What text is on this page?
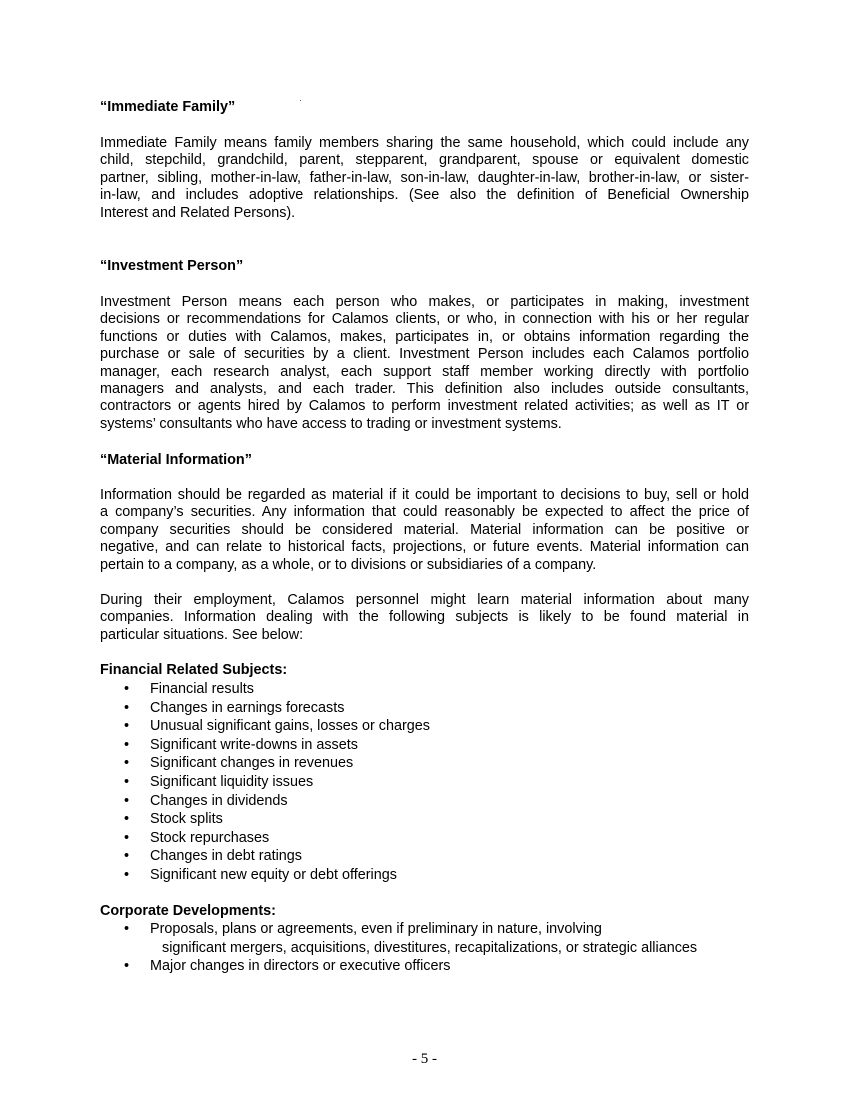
“Immediate Family”
Immediate Family means family members sharing the same household, which could include any
child, stepchild, grandchild, parent, stepparent, grandparent, spouse or equivalent domestic
partner, sibling, mother-in-law, father-in-law, son-in-law, daughter-in-law, brother-in-law, or sister-
in-law, and includes adoptive relationships. (See also the definition of Beneficial Ownership
Interest and Related Persons).
“Investment Person”
Investment Person means each person who makes, or participates in making, investment
decisions or recommendations for Calamos clients, or who, in connection with his or her regular
functions or duties with Calamos, makes, participates in, or obtains information regarding the
purchase or sale of securities by a client. Investment Person includes each Calamos portfolio
manager, each research analyst, each support staff member working directly with portfolio
managers and analysts, and each trader. This definition also includes outside consultants,
contractors or agents hired by Calamos to perform investment related activities; as well as IT or
systems’ consultants who have access to trading or investment systems.
“Material Information”
Information should be regarded as material if it could be important to decisions to buy, sell or hold
a company’s securities. Any information that could reasonably be expected to affect the price of
company securities should be considered material. Material information can be positive or
negative, and can relate to historical facts, projections, or future events. Material information can
pertain to a company, as a whole, or to divisions or subsidiaries of a company.
During their employment, Calamos personnel might learn material information about many
companies. Information dealing with the following subjects is likely to be found material in
particular situations. See below:
Financial Related Subjects:
• Financial results
• Changes in earnings forecasts
• Unusual significant gains, losses or charges
• Significant write-downs in assets
• Significant changes in revenues
• Significant liquidity issues
• Changes in dividends
• Stock splits
• Stock repurchases
• Changes in debt ratings
• Significant new equity or debt offerings
Corporate Developments:
• Proposals, plans or agreements, even if preliminary in nature, involving
significant mergers, acquisitions, divestitures, recapitalizations, or strategic alliances
• Major changes in directors or executive officers
- 5 -
